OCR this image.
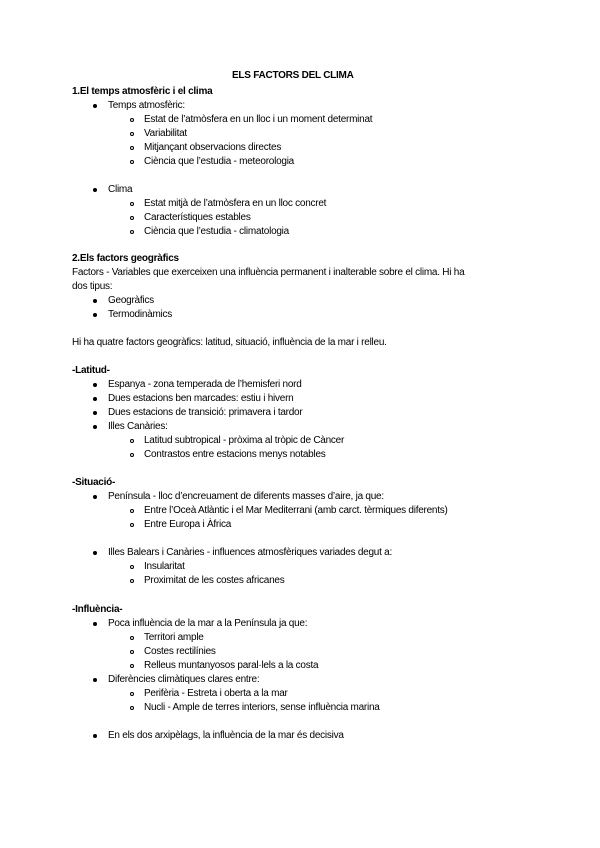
ELS FACTORS DEL CLIMA
1.El temps atmosfèric i el clima
Temps atmosfèric:
Estat de l’atmòsfera en un lloc i un moment determinat
Variabilitat
Mitjançant observacions directes
Ciència que l’estudia - meteorologia
Clima
Estat mitjà de l’atmòsfera en un lloc concret
Característiques estables
Ciència que l’estudia - climatologia
2.Els factors geogràfics
Factors - Variables que exerceixen una influència permanent i inalterable sobre el clima. Hi ha
dos tipus:
Geogràfics
Termodinàmics
Hi ha quatre factors geogràfics: latitud, situació, influència de la mar i relleu.
-Latitud-
Espanya - zona temperada de l’hemisferi nord
Dues estacions ben marcades: estiu i hivern
Dues estacions de transició: primavera i tardor
Illes Canàries:
Latitud subtropical - pròxima al tròpic de Càncer
Contrastos entre estacions menys notables
-Situació-
Península - lloc d’encreuament de diferents masses d’aire, ja que:
Entre l’Oceà Atlàntic i el Mar Mediterrani (amb carct. tèrmiques diferents)
Entre Europa i Àfrica
Illes Balears i Canàries - influences atmosfèriques variades degut a:
Insularitat
Proximitat de les costes africanes
-Influència-
Poca influència de la mar a la Península ja que:
Territori ample
Costes rectilínies
Relleus muntanyosos paral·lels a la costa
Diferències climàtiques clares entre:
Perifèria - Estreta i oberta a la mar
Nucli - Ample de terres interiors, sense influència marina
En els dos arxipèlags, la influència de la mar és decisiva
